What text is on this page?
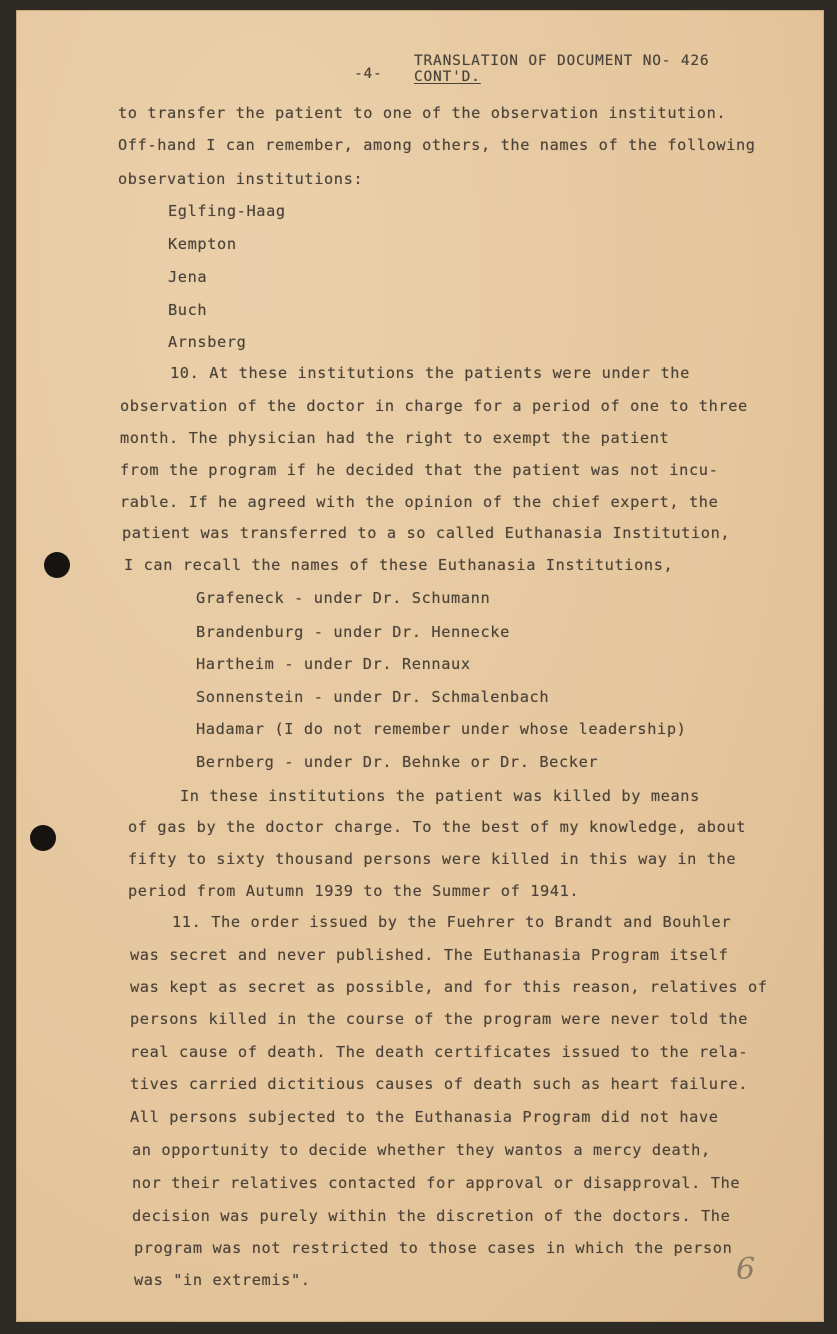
-4-
TRANSLATION OF DOCUMENT NO- 426
CONT'D.
to transfer the patient to one of the observation institution.
Off-hand I can remember, among others, the names of the following
observation institutions:
Eglfing-Haag
Kempton
Jena
Buch
Arnsberg
10. At these institutions the patients were under the
observation of the doctor in charge for a period of one to three
month. The physician had the right to exempt the patient
from the program if he decided that the patient was not incu-
rable. If he agreed with the opinion of the chief expert, the
patient was transferred to a so called Euthanasia Institution,
I can recall the names of these Euthanasia Institutions,
Grafeneck - under Dr. Schumann
Brandenburg - under Dr. Hennecke
Hartheim - under Dr. Rennaux
Sonnenstein - under Dr. Schmalenbach
Hadamar (I do not remember under whose leadership)
Bernberg - under Dr. Behnke or Dr. Becker
In these institutions the patient was killed by means
of gas by the doctor charge. To the best of my knowledge, about
fifty to sixty thousand persons were killed in this way in the
period from Autumn 1939 to the Summer of 1941.
11. The order issued by the Fuehrer to Brandt and Bouhler
was secret and never published. The Euthanasia Program itself
was kept as secret as possible, and for this reason, relatives of
persons killed in the course of the program were never told the
real cause of death. The death certificates issued to the rela-
tives carried dictitious causes of death such as heart failure.
All persons subjected to the Euthanasia Program did not have
an opportunity to decide whether they wantos a mercy death,
nor their relatives contacted for approval or disapproval. The
decision was purely within the discretion of the doctors. The
program was not restricted to those cases in which the person
was "in extremis".	6
